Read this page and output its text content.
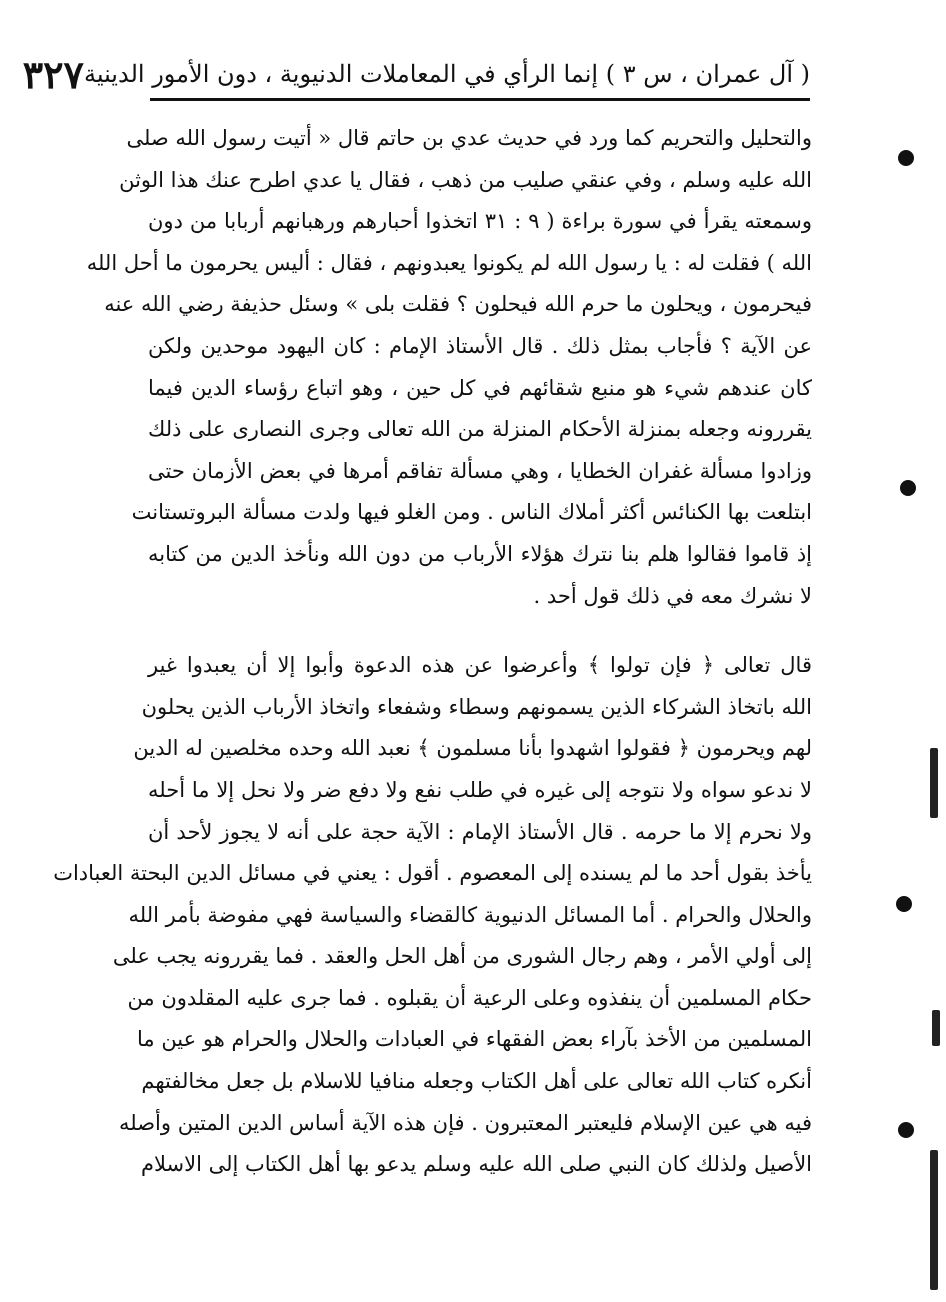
( آل عمران ، س ٣ ) إنما الرأي في المعاملات الدنيوية ، دون الأمور الدينية
٣٢٧
والتحليل والتحريم كما ورد في حديث عدي بن حاتم قال « أتيت رسول الله صلى
الله عليه وسلم ، وفي عنقي صليب من ذهب ، فقال يا عدي اطرح عنك هذا الوثن
وسمعته يقرأ في سورة براءة ( ٩ : ٣١ اتخذوا أحبارهم ورهبانهم أربابا من دون
الله ) فقلت له : يا رسول الله لم يكونوا يعبدونهم ، فقال : أليس يحرمون ما أحل الله
فيحرمون ، ويحلون ما حرم الله فيحلون ؟ فقلت بلى » وسئل حذيفة رضي الله عنه
عن الآية ؟ فأجاب بمثل ذلك . قال الأستاذ الإمام : كان اليهود موحدين ولكن
كان عندهم شيء هو منبع شقائهم في كل حين ، وهو اتباع رؤساء الدين فيما
يقررونه وجعله بمنزلة الأحكام المنزلة من الله تعالى وجرى النصارى على ذلك
وزادوا مسألة غفران الخطايا ، وهي مسألة تفاقم أمرها في بعض الأزمان حتى
ابتلعت بها الكنائس أكثر أملاك الناس . ومن الغلو فيها ولدت مسألة البروتستانت
إذ قاموا فقالوا هلم بنا نترك هؤلاء الأرباب من دون الله ونأخذ الدين من كتابه
لا نشرك معه في ذلك قول أحد .
قال تعالى ﴿ فإن تولوا ﴾ وأعرضوا عن هذه الدعوة وأبوا إلا أن يعبدوا غير
الله باتخاذ الشركاء الذين يسمونهم وسطاء وشفعاء واتخاذ الأرباب الذين يحلون
لهم ويحرمون ﴿ فقولوا اشهدوا بأنا مسلمون ﴾ نعبد الله وحده مخلصين له الدين
لا ندعو سواه ولا نتوجه إلى غيره في طلب نفع ولا دفع ضر ولا نحل إلا ما أحله
ولا نحرم إلا ما حرمه . قال الأستاذ الإمام : الآية حجة على أنه لا يجوز لأحد أن
يأخذ بقول أحد ما لم يسنده إلى المعصوم . أقول : يعني في مسائل الدين البحتة العبادات
والحلال والحرام . أما المسائل الدنيوية كالقضاء والسياسة فهي مفوضة بأمر الله
إلى أولي الأمر ، وهم رجال الشورى من أهل الحل والعقد . فما يقررونه يجب على
حكام المسلمين أن ينفذوه وعلى الرعية أن يقبلوه . فما جرى عليه المقلدون من
المسلمين من الأخذ بآراء بعض الفقهاء في العبادات والحلال والحرام هو عين ما
أنكره كتاب الله تعالى على أهل الكتاب وجعله منافيا للاسلام بل جعل مخالفتهم
فيه هي عين الإسلام فليعتبر المعتبرون . فإن هذه الآية أساس الدين المتين وأصله
الأصيل ولذلك كان النبي صلى الله عليه وسلم يدعو بها أهل الكتاب إلى الاسلام
